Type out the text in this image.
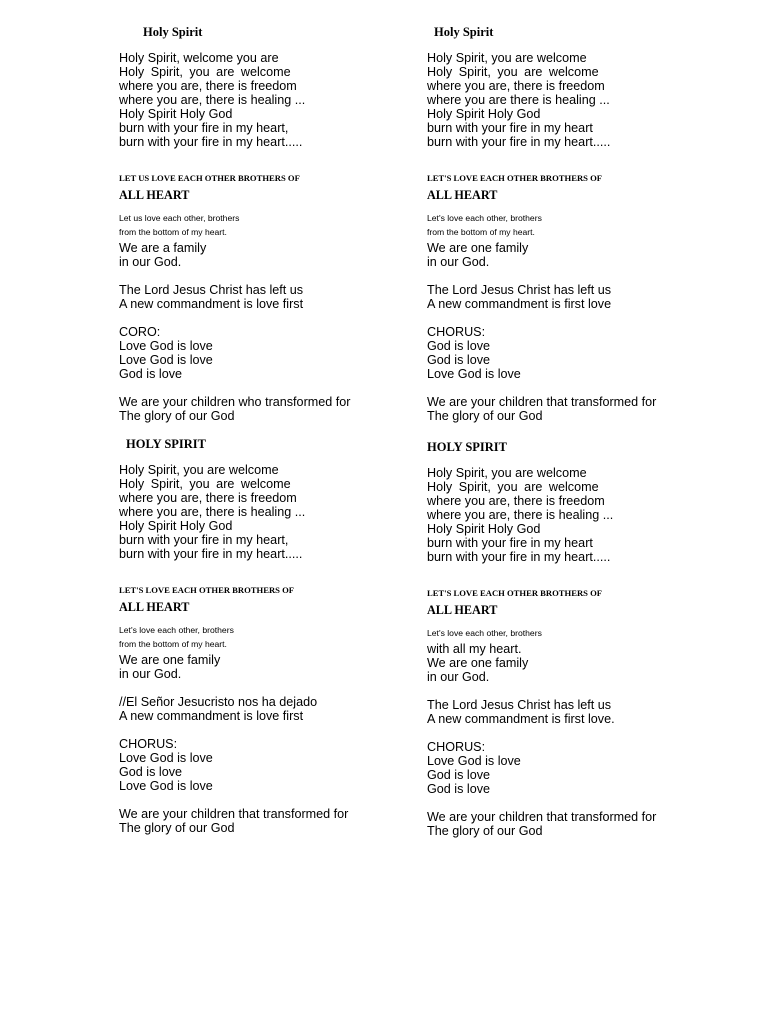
Holy Spirit
Holy Spirit, welcome you are
Holy Spirit, you are welcome
where you are, there is freedom
where you are, there is healing ...
Holy Spirit Holy God
burn with your fire in my heart,
burn with your fire in my heart.....
LET US LOVE EACH OTHER BROTHERS OF
ALL HEART
Let us love each other, brothers
from the bottom of my heart.
We are a family
in our God.
The Lord Jesus Christ has left us
A new commandment is love first
CORO:
Love God is love
Love God is love
God is love
We are your children who transformed for
The glory of our God
HOLY SPIRIT
Holy Spirit, you are welcome
Holy Spirit, you are welcome
where you are, there is freedom
where you are, there is healing ...
Holy Spirit Holy God
burn with your fire in my heart,
burn with your fire in my heart.....
LET'S LOVE EACH OTHER BROTHERS OF
ALL HEART
Let's love each other, brothers
from the bottom of my heart.
We are one family
in our God.
//El Señor Jesucristo nos ha dejado
A new commandment is love first
CHORUS:
Love God is love
God is love
Love God is love
We are your children that transformed for
The glory of our God
Holy Spirit
Holy Spirit, you are welcome
Holy Spirit, you are welcome
where you are, there is freedom
where you are there is healing ...
Holy Spirit Holy God
burn with your fire in my heart
burn with your fire in my heart.....
LET'S LOVE EACH OTHER BROTHERS OF
ALL HEART
Let's love each other, brothers
from the bottom of my heart.
We are one family
in our God.
The Lord Jesus Christ has left us
A new commandment is first love
CHORUS:
God is love
God is love
Love God is love
We are your children that transformed for
The glory of our God
HOLY SPIRIT
Holy Spirit, you are welcome
Holy Spirit, you are welcome
where you are, there is freedom
where you are, there is healing ...
Holy Spirit Holy God
burn with your fire in my heart
burn with your fire in my heart.....
LET'S LOVE EACH OTHER BROTHERS OF
ALL HEART
Let's love each other, brothers
with all my heart.
We are one family
in our God.
The Lord Jesus Christ has left us
A new commandment is first love.
CHORUS:
Love God is love
God is love
God is love
We are your children that transformed for
The glory of our God
